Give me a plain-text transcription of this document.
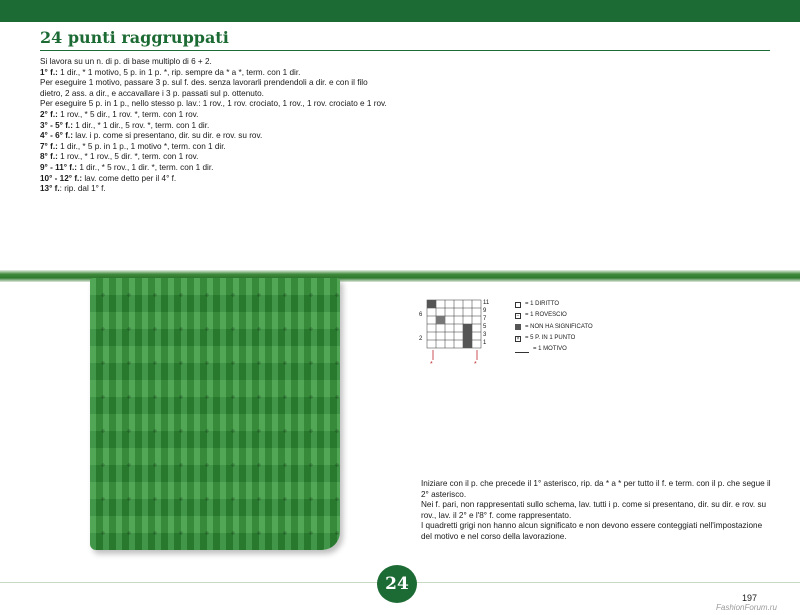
24 punti raggruppati

Si lavora su un n. di p. di base multiplo di 6 + 2.

1° f.: 1 dir., * 1 motivo, 5 p. in 1 p. *, rip. sempre da * a *, term. con 1 dir.

Per eseguire 1 motivo, passare 3 p. sul f. des. senza lavorarli prendendoli a dir. e con il filo dietro, 2 ass. a dir., e accavallare i 3 p. passati sul p. ottenuto.

Per eseguire 5 p. in 1 p., nello stesso p. lav.: 1 rov., 1 rov. crociato, 1 rov., 1 rov. crociato e 1 rov.

2° f.: 1 rov., * 5 dir., 1 rov. *, term. con 1 rov.

3° - 5° f.: 1 dir., * 1 dir., 5 rov. *, term. con 1 dir.

4° - 6° f.: lav. i p. come si presentano, dir. su dir. e rov. su rov.

7° f.: 1 dir., * 5 p. in 1 p., 1 motivo *, term. con 1 dir.

8° f.: 1 rov., * 1 rov., 5 dir. *, term. con 1 rov.

9° - 11° f.: 1 dir., * 5 rov., 1 dir. *, term. con 1 dir.

10° - 12° f.: lav. come detto per il 4° f.

13° f.: rip. dal 1° f.

*	*
11
9
7
5
3
1
6
2
= 1 DIRITTO
− = 1 ROVESCIO
= NON HA SIGNIFICATO
× = 5 P. IN 1 PUNTO
= 1 MOTIVO

Iniziare con il p. che precede il 1° asterisco, rip. da * a * per tutto il f. e term. con il p. che segue il 2° asterisco.

Nei f. pari, non rappresentati sullo schema, lav. tutti i p. come si presentano, dir. su dir. e rov. su rov., lav. il 2° e l'8° f. come rappresentato.

I quadretti grigi non hanno alcun significato e non devono essere conteggiati nell'impostazione del motivo e nel corso della lavorazione.

24
197
FashionForum.ru
